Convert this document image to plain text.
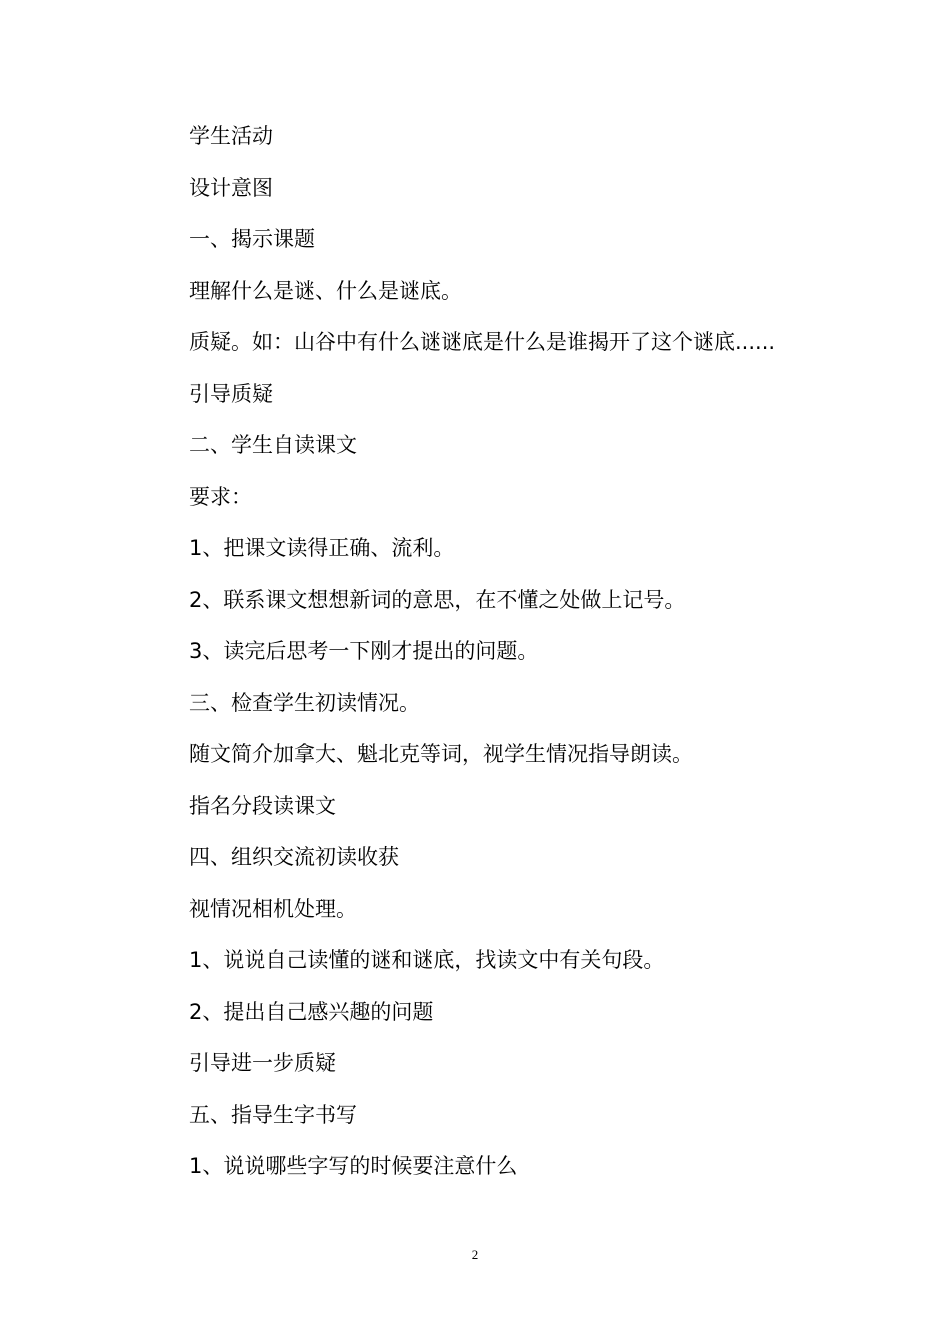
学生活动
设计意图
一、揭示课题
理解什么是谜、什么是谜底。
质疑。如：山谷中有什么谜谜底是什么是谁揭开了这个谜底......
引导质疑
二、学生自读课文
要求：
1、把课文读得正确、流利。
2、联系课文想想新词的意思，在不懂之处做上记号。
3、读完后思考一下刚才提出的问题。
三、检查学生初读情况。
随文简介加拿大、魁北克等词，视学生情况指导朗读。
指名分段读课文
四、组织交流初读收获
视情况相机处理。
1、说说自己读懂的谜和谜底，找读文中有关句段。
2、提出自己感兴趣的问题
引导进一步质疑
五、指导生字书写
1、说说哪些字写的时候要注意什么
2
